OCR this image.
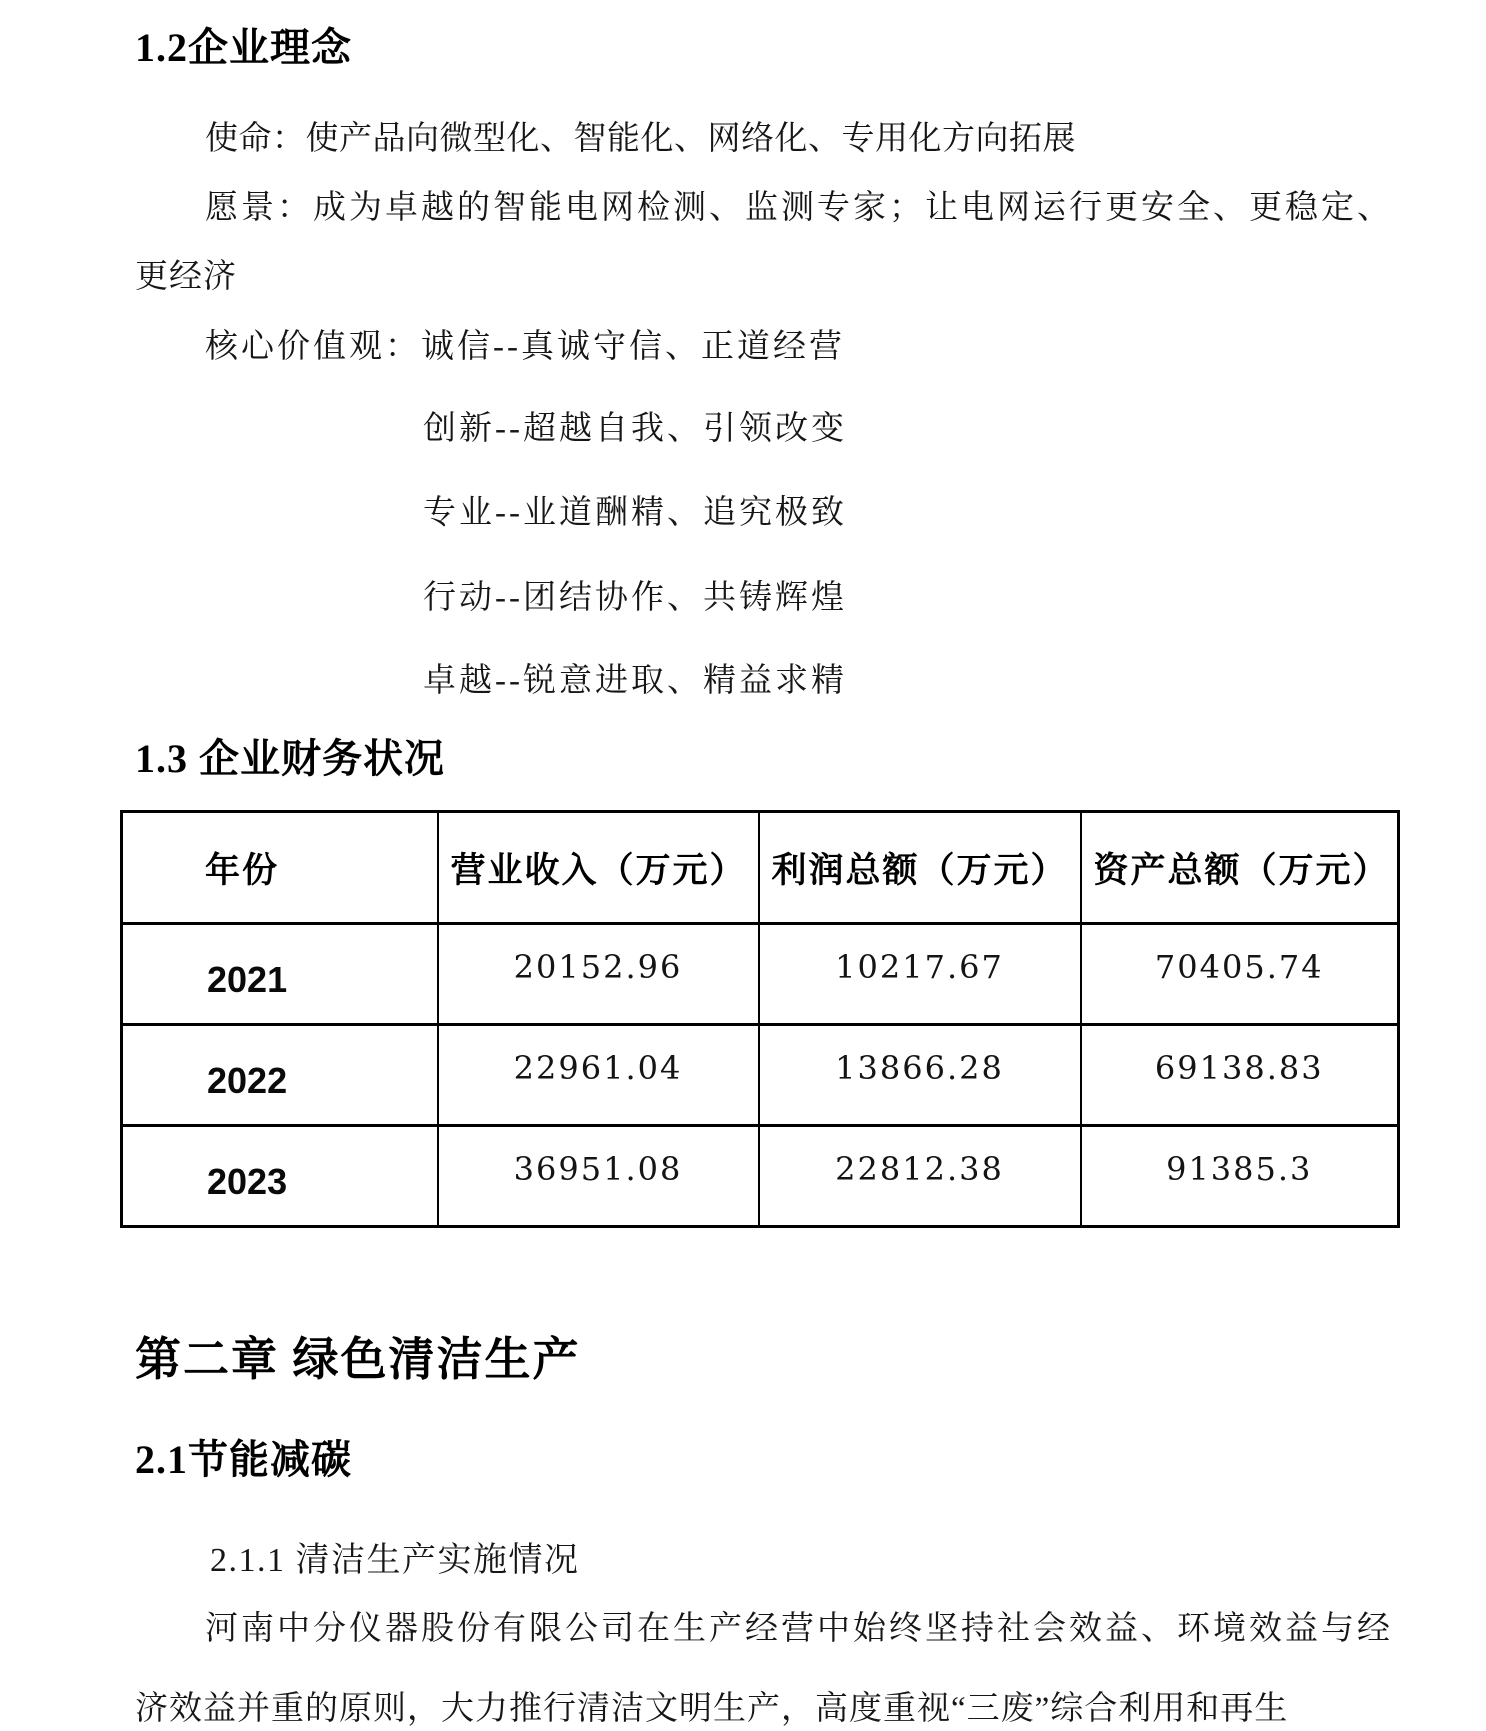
1.2企业理念
使命：使产品向微型化、智能化、网络化、专用化方向拓展
愿景：成为卓越的智能电网检测、监测专家；让电网运行更安全、更稳定、
更经济
核心价值观：诚信--真诚守信、正道经营
创新--超越自我、引领改变
专业--业道酬精、追究极致
行动--团结协作、共铸辉煌
卓越--锐意进取、精益求精
1.3 企业财务状况
年份	营业收入（万元）	利润总额（万元）	资产总额（万元）
2021	20152.96	10217.67	70405.74
2022	22961.04	13866.28	69138.83
2023	36951.08	22812.38	91385.3
第二章 绿色清洁生产
2.1节能减碳
2.1.1 清洁生产实施情况
河南中分仪器股份有限公司在生产经营中始终坚持社会效益、环境效益与经
济效益并重的原则，大力推行清洁文明生产，高度重视“三废”综合利用和再生
